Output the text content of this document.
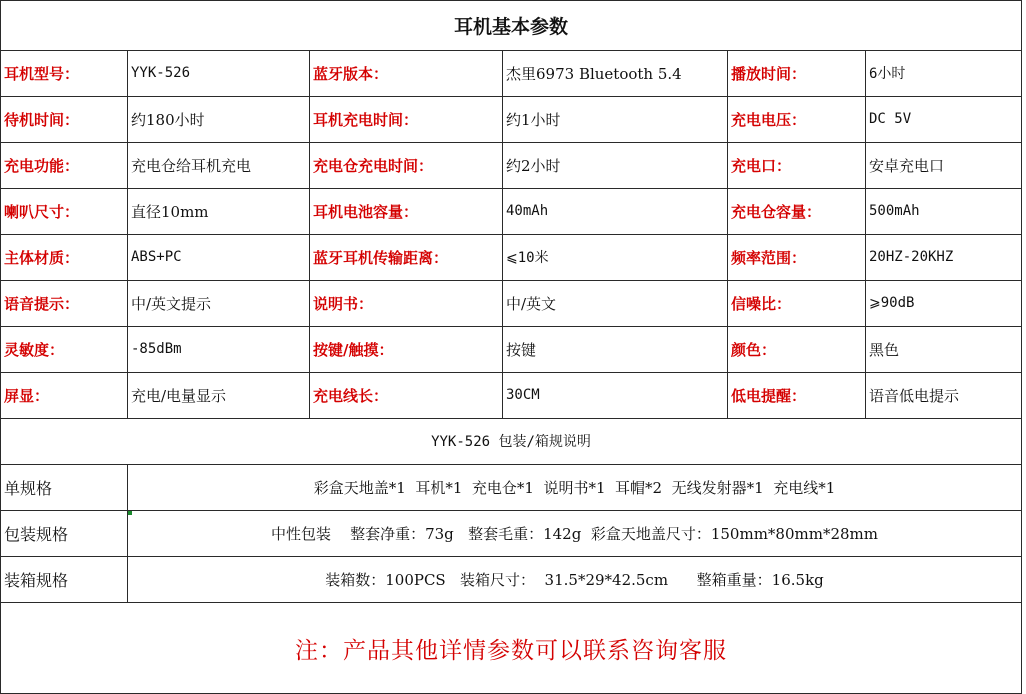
耳机基本参数
耳机型号：	YYK-526	蓝牙版本：	杰里6973 Bluetooth 5.4	播放时间：	6小时
待机时间：	约180小时	耳机充电时间：	约1小时	充电电压：	DC 5V
充电功能：	充电仓给耳机充电	充电仓充电时间：	约2小时	充电口：	安卓充电口
喇叭尺寸：	直径10mm	耳机电池容量：	40mAh	充电仓容量：	500mAh
主体材质：	ABS+PC	蓝牙耳机传输距离：	⩽10米	频率范围：	20HZ-20KHZ
语音提示：	中/英文提示	说明书：	中/英文	信噪比：	⩾90dB
灵敏度：	-85dBm	按键/触摸：	按键	颜色：	黑色
屏显：	充电/电量显示	充电线长：	30CM	低电提醒：	语音低电提示
YYK-526 包装/箱规说明
单规格	彩盒天地盖*1  耳机*1  充电仓*1  说明书*1  耳帽*2  无线发射器*1  充电线*1
包装规格	中性包装    整套净重：73g   整套毛重：142g  彩盒天地盖尺寸：150mm*80mm*28mm
装箱规格	装箱数：100PCS   装箱尺寸：  31.5*29*42.5cm      整箱重量：16.5kg
注：产品其他详情参数可以联系咨询客服
